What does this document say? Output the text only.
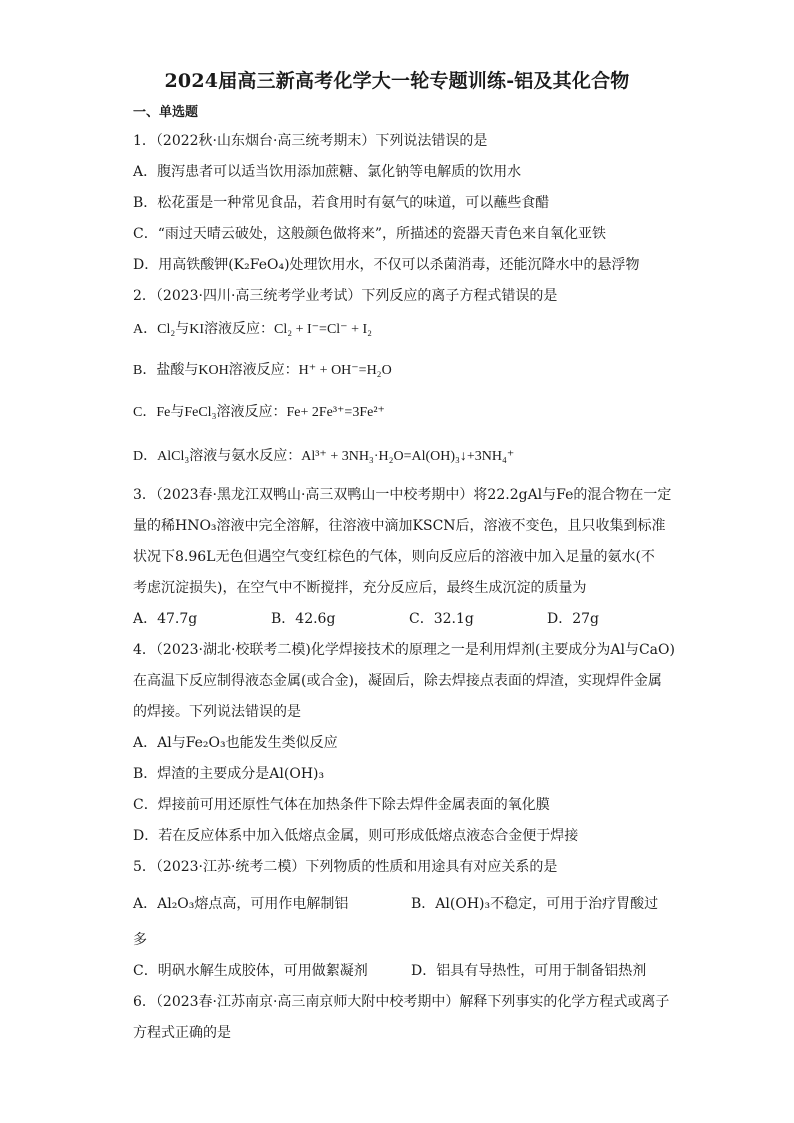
2024届高三新高考化学大一轮专题训练-铝及其化合物
一、单选题
1．（2022秋·山东烟台·高三统考期末）下列说法错误的是
A．腹泻患者可以适当饮用添加蔗糖、氯化钠等电解质的饮用水
B．松花蛋是一种常见食品，若食用时有氨气的味道，可以蘸些食醋
C．“雨过天晴云破处，这般颜色做将来”，所描述的瓷器天青色来自氧化亚铁
D．用高铁酸钾(K₂FeO₄)处理饮用水，不仅可以杀菌消毒，还能沉降水中的悬浮物
2．（2023·四川·高三统考学业考试）下列反应的离子方程式错误的是
A．Cl₂与KI溶液反应：Cl₂ + I⁻=Cl⁻ + I₂
B．盐酸与KOH溶液反应：H⁺ + OH⁻=H₂O
C．Fe与FeCl₃溶液反应：Fe+ 2Fe³⁺=3Fe²⁺
D．AlCl₃溶液与氨水反应：Al³⁺ + 3NH₃·H₂O=Al(OH)₃↓+3NH₄⁺
3．（2023春·黑龙江双鸭山·高三双鸭山一中校考期中）将22.2gAl与Fe的混合物在一定
量的稀HNO₃溶液中完全溶解，往溶液中滴加KSCN后，溶液不变色，且只收集到标准
状况下8.96L无色但遇空气变红棕色的气体，则向反应后的溶液中加入足量的氨水(不
考虑沉淀损失)，在空气中不断搅拌，充分反应后，最终生成沉淀的质量为
A．47.7g	B．42.6g	C．32.1g	D．27g
4．（2023·湖北·校联考二模)化学焊接技术的原理之一是利用焊剂(主要成分为Al与CaO)
在高温下反应制得液态金属(或合金)，凝固后，除去焊接点表面的焊渣，实现焊件金属
的焊接。下列说法错误的是
A．Al与Fe₂O₃也能发生类似反应
B．焊渣的主要成分是Al(OH)₃
C．焊接前可用还原性气体在加热条件下除去焊件金属表面的氧化膜
D．若在反应体系中加入低熔点金属，则可形成低熔点液态合金便于焊接
5．（2023·江苏·统考二模）下列物质的性质和用途具有对应关系的是
A．Al₂O₃熔点高，可用作电解制铝	B．Al(OH)₃不稳定，可用于治疗胃酸过
多
C．明矾水解生成胶体，可用做絮凝剂	D．铝具有导热性，可用于制备铝热剂
6．（2023春·江苏南京·高三南京师大附中校考期中）解释下列事实的化学方程式或离子
方程式正确的是
